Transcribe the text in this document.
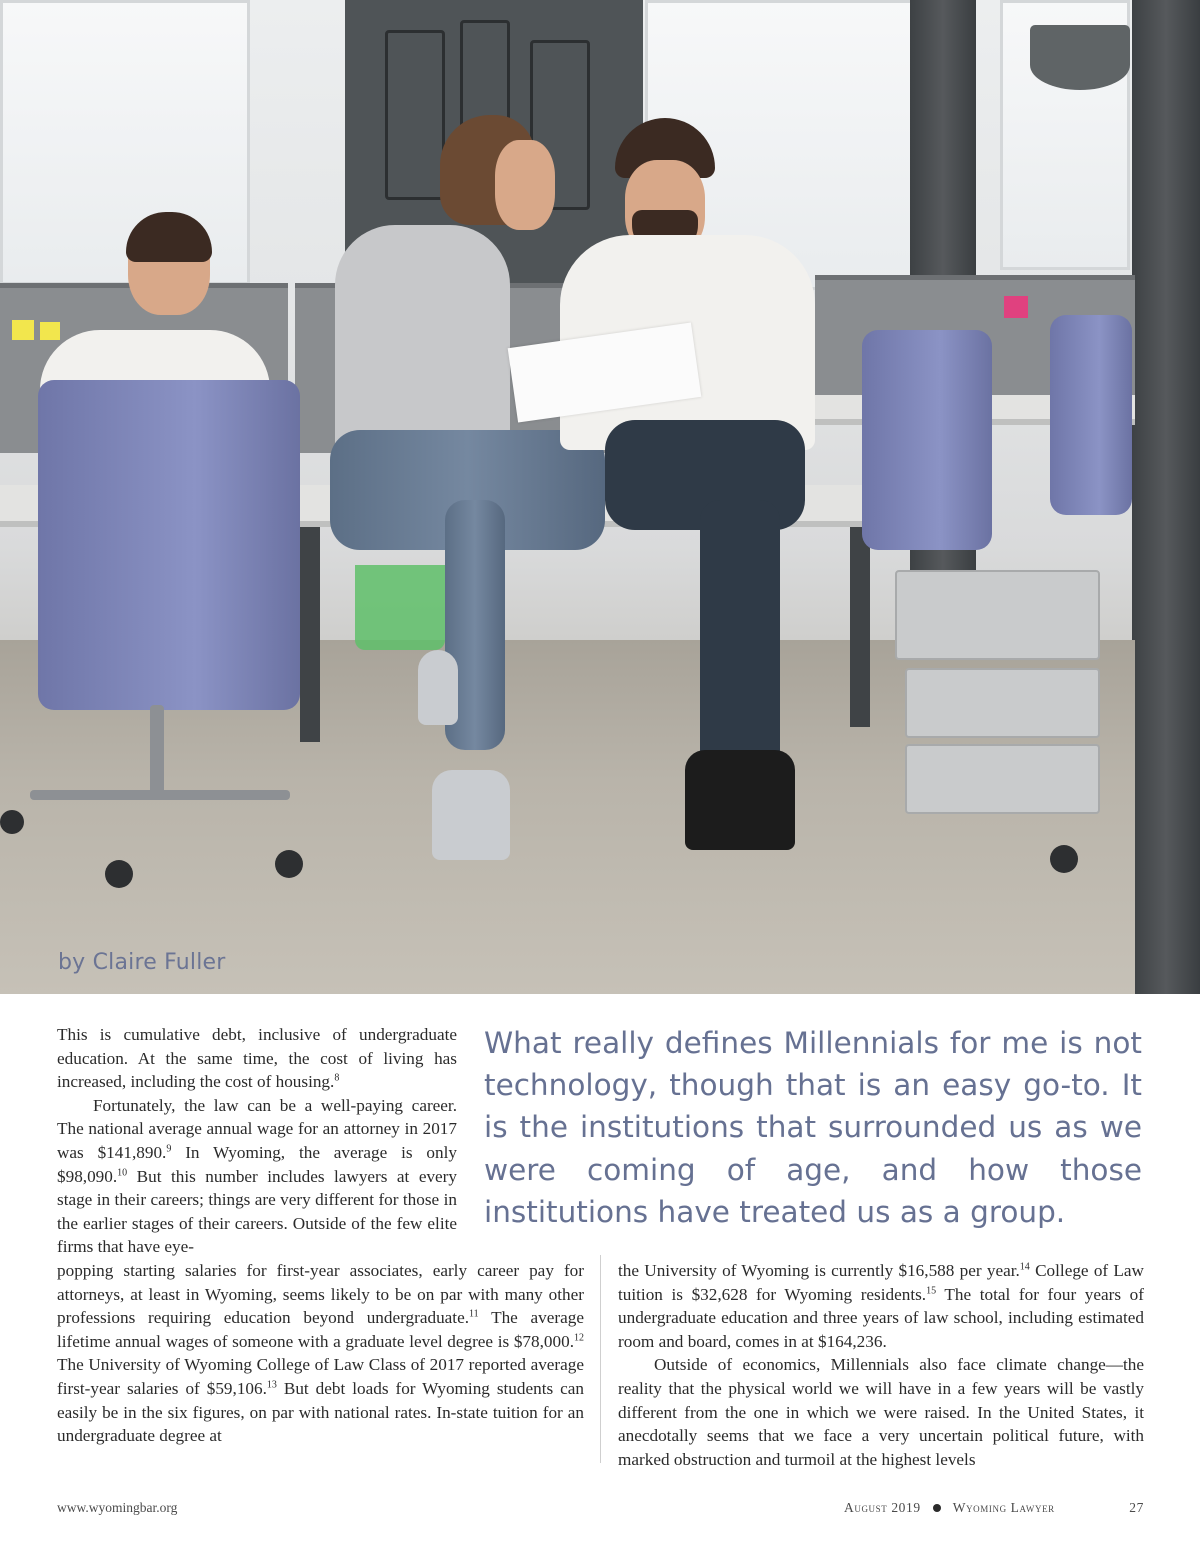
by Claire Fuller

This is cumulative debt, inclusive of undergraduate
education. At the same time, the cost of living has
increased, including the cost of housing.$^8$

Fortunately, the law can be a well-paying career. The national average annual wage for an attorney in 2017 was $141,890.$^9$ In Wyoming, the average is only $98,090.10 But this number includes lawyers at every stage in their careers; things are very different for those in the earlier stages of their careers. Outside of the few elite firms that have eye-

popping starting salaries for first-year associates, early career pay for attorneys, at least in Wyoming, seems likely to be on par with many other professions requiring education beyond undergraduate.$^{11}$ The average lifetime annual wages of someone with a graduate level degree is $78,000.12 The University of Wyoming College of Law Class of 2017 reported average first-year salaries of $59,106.13 But debt loads for Wyoming students can easily be in the six figures, on par with national rates. In-state tuition for an undergraduate degree at

What really defines Millennials for me is not technology, though that is an easy go-to. It is the institutions that surrounded us as we were coming of age, and how those institutions have treated us as a group.

the University of Wyoming is currently $16,588 per year.$^{14}$ College of Law tuition is $32,628 for Wyoming residents.$^{15}$ The total for four years of undergraduate education and three years of law school, including estimated room and board, comes in at $164,236.

Outside of economics, Millennials also face climate change—the reality that the physical world we will have in a few years will be vastly different from the one in which we were raised. In the United States, it anecdotally seems that we face a very uncertain political future, with marked obstruction and turmoil at the highest levels

www.wyomingbar.org	August 2019 Wyoming Lawyer	27
